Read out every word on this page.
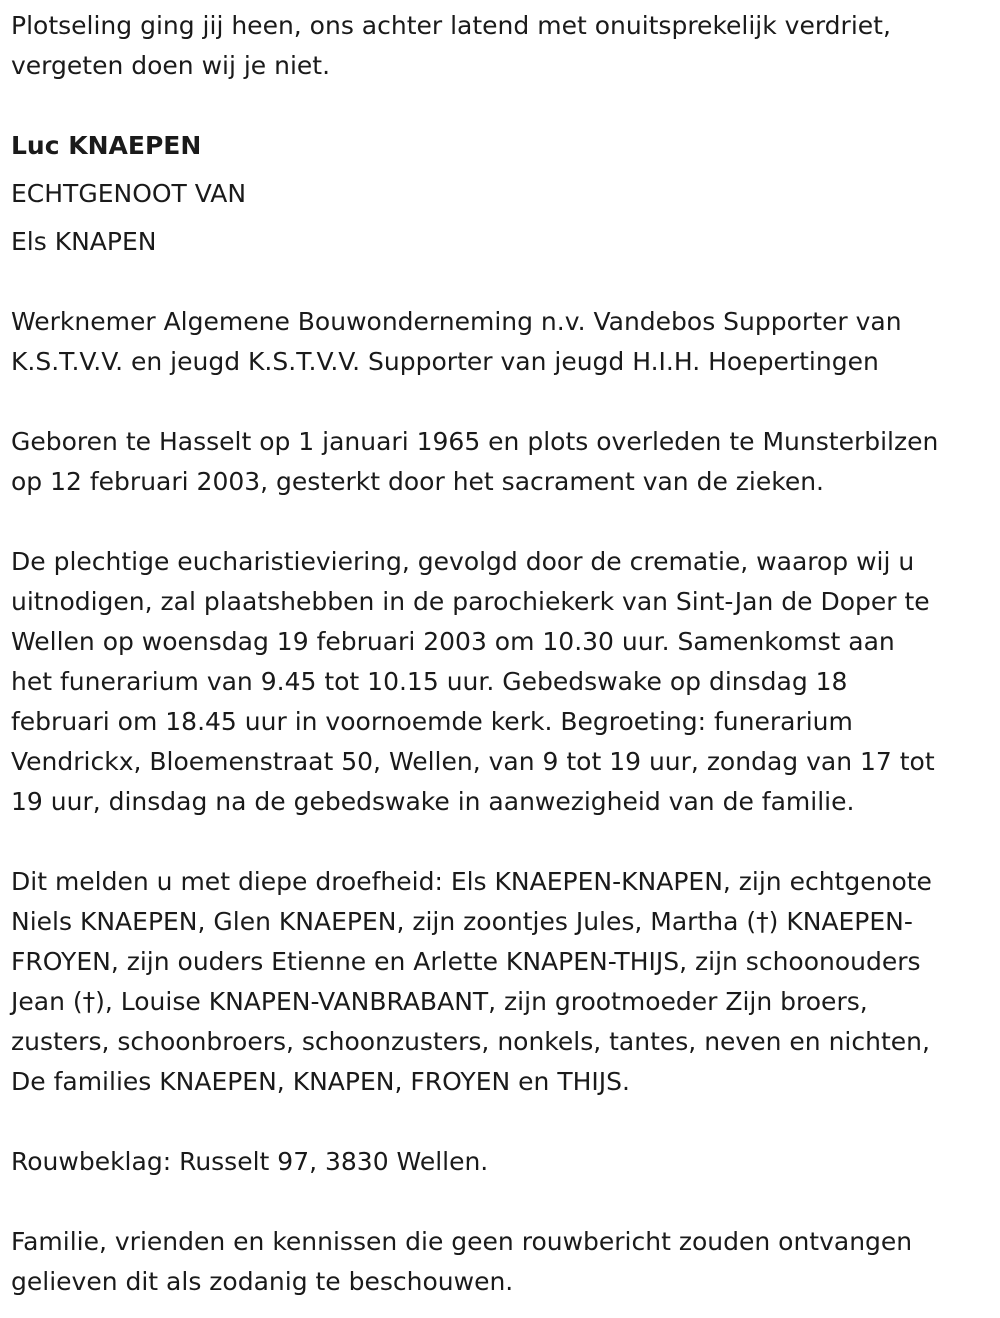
Plotseling ging jij heen, ons achter latend met onuitsprekelijk verdriet,
vergeten doen wij je niet.

Luc KNAEPEN

ECHTGENOOT VAN

Els KNAPEN

Werknemer Algemene Bouwonderneming n.v. Vandebos Supporter van
K.S.T.V.V. en jeugd K.S.T.V.V. Supporter van jeugd H.I.H. Hoepertingen

Geboren te Hasselt op 1 januari 1965 en plots overleden te Munsterbilzen
op 12 februari 2003, gesterkt door het sacrament van de zieken.

De plechtige eucharistieviering, gevolgd door de crematie, waarop wij u
uitnodigen, zal plaatshebben in de parochiekerk van Sint-Jan de Doper te
Wellen op woensdag 19 februari 2003 om 10.30 uur. Samenkomst aan
het funerarium van 9.45 tot 10.15 uur. Gebedswake op dinsdag 18
februari om 18.45 uur in voornoemde kerk. Begroeting: funerarium
Vendrickx, Bloemenstraat 50, Wellen, van 9 tot 19 uur, zondag van 17 tot
19 uur, dinsdag na de gebedswake in aanwezigheid van de familie.

Dit melden u met diepe droefheid: Els KNAEPEN-KNAPEN, zijn echtgenote
Niels KNAEPEN, Glen KNAEPEN, zijn zoontjes Jules, Martha (†) KNAEPEN-
FROYEN, zijn ouders Etienne en Arlette KNAPEN-THIJS, zijn schoonouders
Jean (†), Louise KNAPEN-VANBRABANT, zijn grootmoeder Zijn broers,
zusters, schoonbroers, schoonzusters, nonkels, tantes, neven en nichten,
De families KNAEPEN, KNAPEN, FROYEN en THIJS.

Rouwbeklag: Russelt 97, 3830 Wellen.

Familie, vrienden en kennissen die geen rouwbericht zouden ontvangen
gelieven dit als zodanig te beschouwen.
